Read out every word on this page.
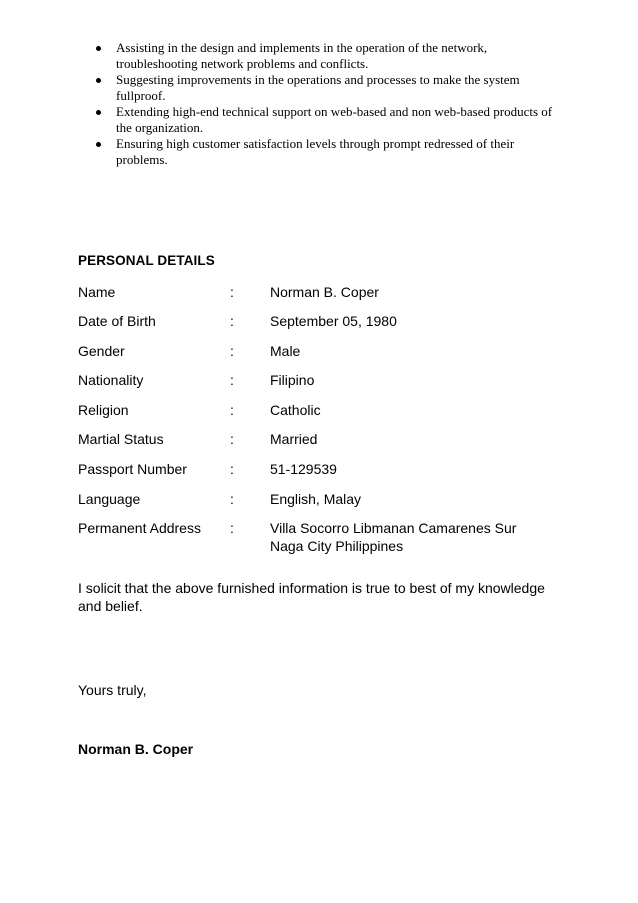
Assisting in the design and implements in the operation of the network, troubleshooting network problems and conflicts.
Suggesting improvements in the operations and processes to make the system fullproof.
Extending high-end technical support on web-based and non web-based products of the organization.
Ensuring high customer satisfaction levels through prompt redressed of their problems.
PERSONAL DETAILS
Name	:	Norman B. Coper
Date of Birth	:	September 05, 1980
Gender	:	Male
Nationality	:	Filipino
Religion	:	Catholic
Martial Status	:	Married
Passport Number	:	51-129539
Language	:	English, Malay
Permanent Address :	Villa Socorro Libmanan Camarenes Sur
Naga City Philippines
I solicit that the above furnished information is true to best of my knowledge and belief.
Yours truly,
Norman B. Coper
